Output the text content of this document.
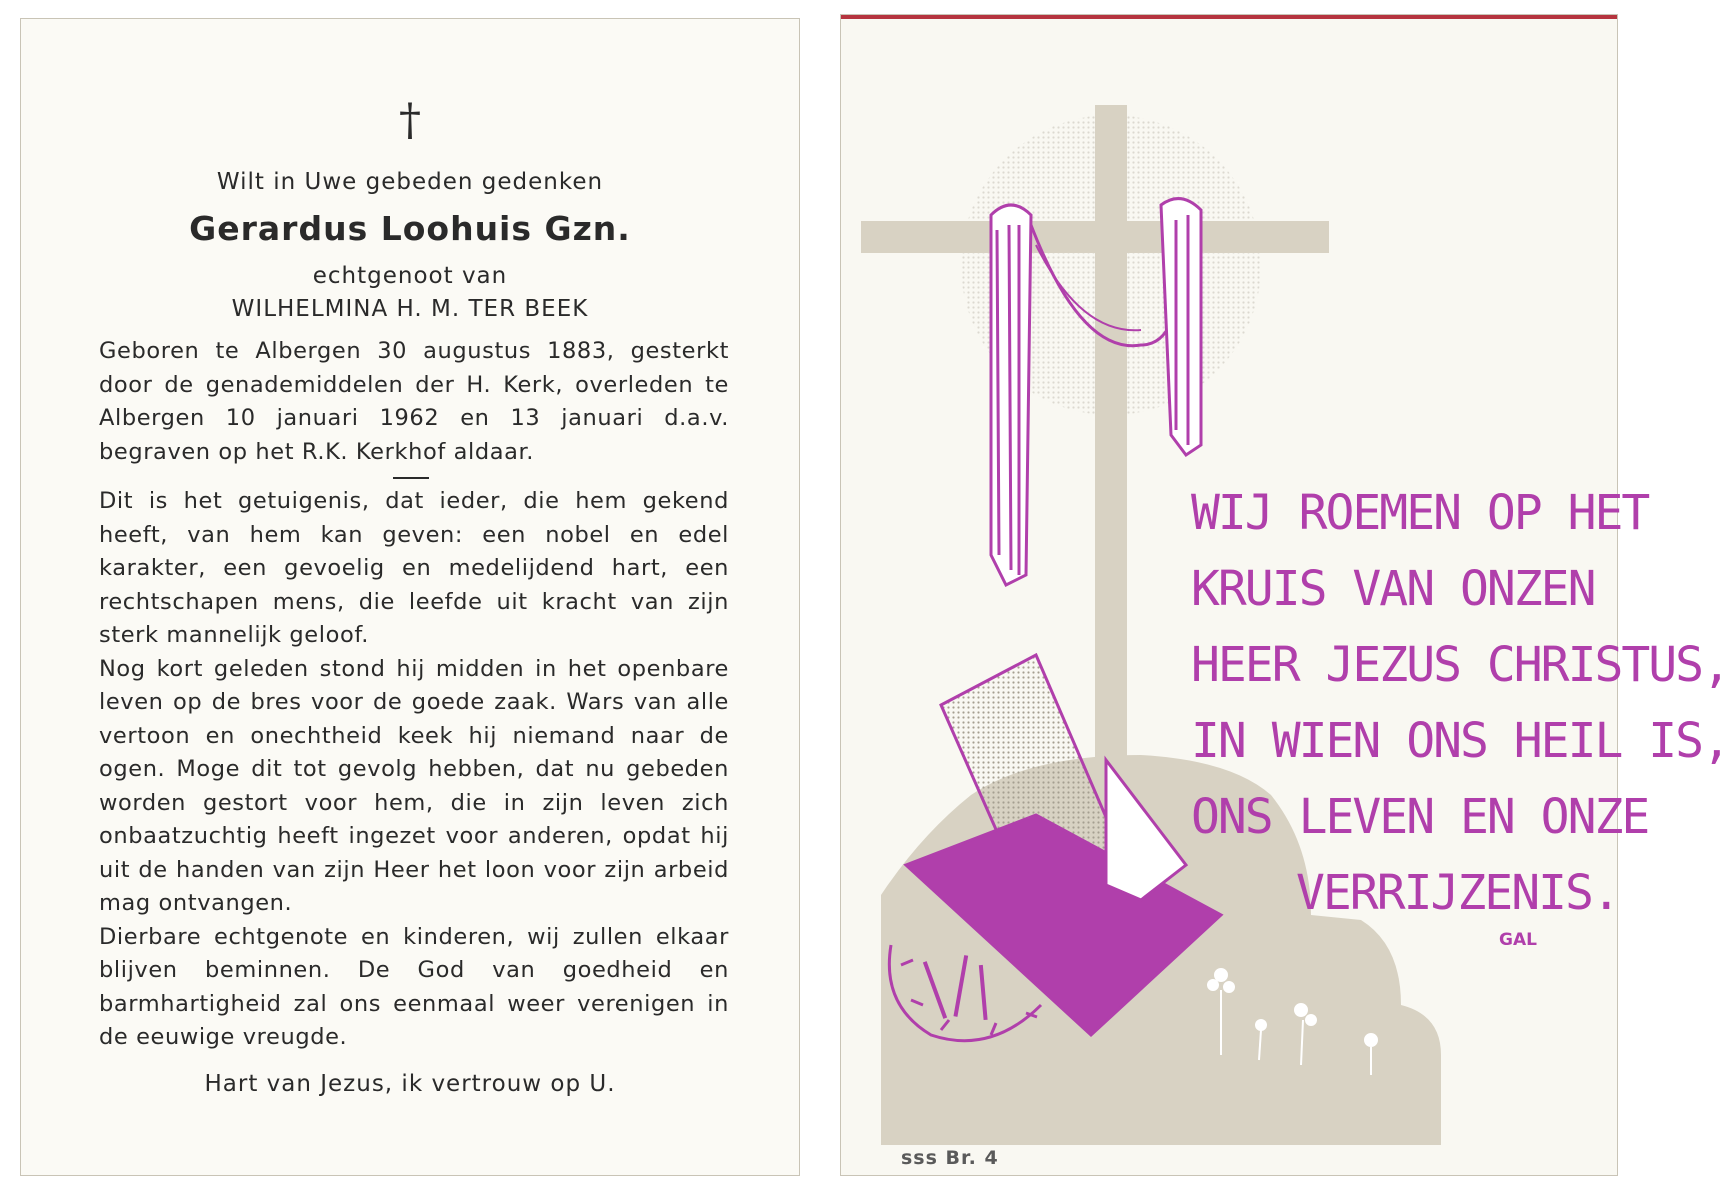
†
Wilt in Uwe gebeden gedenken
Gerardus Loohuis Gzn.
echtgenoot van
WILHELMINA H. M. TER BEEK

Geboren te Albergen 30 augustus 1883, gesterkt door de genademiddelen der H. Kerk, overleden te Albergen 10 januari 1962 en 13 januari d.a.v. begraven op het R.K. Kerkhof aldaar.

Dit is het getuigenis, dat ieder, die hem gekend heeft, van hem kan geven: een nobel en edel karakter, een gevoelig en medelijdend hart, een rechtschapen mens, die leefde uit kracht van zijn sterk mannelijk geloof.

Nog kort geleden stond hij midden in het openbare leven op de bres voor de goede zaak. Wars van alle vertoon en onechtheid keek hij niemand naar de ogen. Moge dit tot gevolg hebben, dat nu gebeden worden gestort voor hem, die in zijn leven zich onbaatzuchtig heeft ingezet voor anderen, opdat hij uit de handen van zijn Heer het loon voor zijn arbeid mag ontvangen.

Dierbare echtgenote en kinderen, wij zullen elkaar blijven beminnen. De God van goedheid en barmhartigheid zal ons eenmaal weer verenigen in de eeuwige vreugde.

Hart van Jezus, ik vertrouw op U.
WIJ ROEMEN OP HET
KRUIS VAN ONZEN
HEER JEZUS CHRISTUS,
IN WIEN ONS HEIL IS,
ONS LEVEN EN ONZE
VERRIJZENIS.
GAL
sss Br. 4
